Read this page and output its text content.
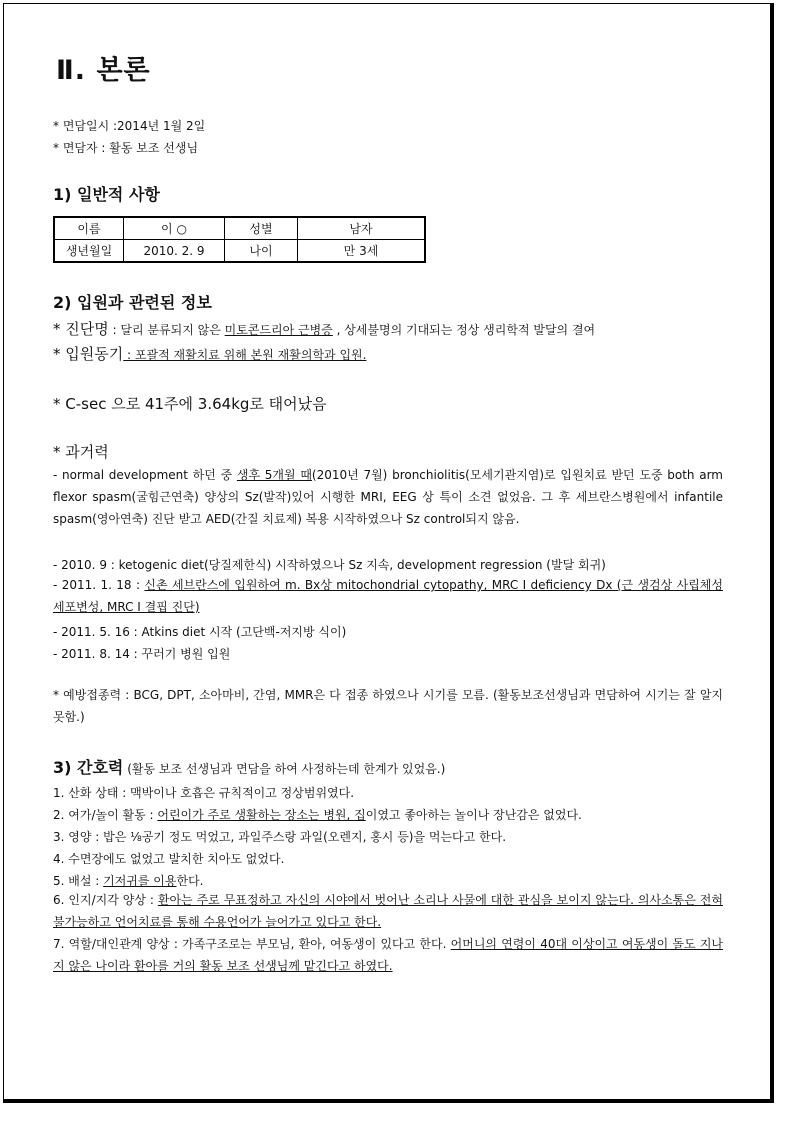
Ⅱ. 본론
* 면담일시 :2014년 1월 2일
* 면담자 : 활동 보조 선생님
1) 일반적 사항
이름	이 ○	성별	남자
생년월일	2010. 2. 9	나이	만 3세
2) 입원과 관련된 정보
* 진단명 : 달리 분류되지 않은 미토콘드리아 근병증 , 상세불명의 기대되는 정상 생리학적 발달의 결여
* 입원동기 : 포괄적 재활치료 위해 본원 재활의학과 입원.
* C-sec 으로 41주에 3.64kg로 태어났음
* 과거력
- normal development 하던 중 생후 5개월 때(2010년 7월) bronchiolitis(모세기관지염)로 입원치료 받던 도중 both arm flexor spasm(굴힘근연축) 양상의 Sz(발작)있어 시행한 MRI, EEG 상 특이 소견 없었음. 그 후 세브란스병원에서 infantile spasm(영아연축) 진단 받고 AED(간질 치료제) 복용 시작하였으나 Sz control되지 않음.
- 2010. 9 : ketogenic diet(당질제한식) 시작하였으나 Sz 지속, development regression (발달 회귀)
- 2011. 1. 18 : 신촌 세브란스에 입원하여 m. Bx상 mitochondrial cytopathy, MRC I deficiency Dx (근 생검상 사립체성 세포변성, MRC I 결핍 진단)
- 2011. 5. 16 : Atkins diet 시작 (고단백-저지방 식이)
- 2011. 8. 14 : 꾸러기 병원 입원
* 예방접종력 : BCG, DPT, 소아마비, 간염, MMR은 다 접종 하였으나 시기를 모름. (활동보조선생님과 면담하여 시기는 잘 알지 못함.)
3) 간호력 (활동 보조 선생님과 면담을 하여 사정하는데 한계가 있었음.)
1. 산화 상태 : 맥박이나 호흡은 규칙적이고 정상범위였다.
2. 여가/놀이 활동 : 어린이가 주로 생활하는 장소는 병원, 집이였고 좋아하는 놀이나 장난감은 없었다.
3. 영양 : 밥은 ⅛공기 정도 먹었고, 과일주스랑 과일(오렌지, 홍시 등)을 먹는다고 한다.
4. 수면장에도 없었고 발치한 치아도 없었다.
5. 배설 : 기저귀를 이용한다.
6. 인지/지각 양상 : 환아는 주로 무표정하고 자신의 시야에서 벗어난 소리나 사물에 대한 관심을 보이지 않는다. 의사소통은 전혀 불가능하고 언어치료를 통해 수용언어가 늘어가고 있다고 한다.
7. 역할/대인관계 양상 : 가족구조로는 부모님, 환아, 여동생이 있다고 한다. 어머니의 연령이 40대 이상이고 여동생이 돌도 지나지 않은 나이라 환아를 거의 활동 보조 선생님께 맡긴다고 하였다.
